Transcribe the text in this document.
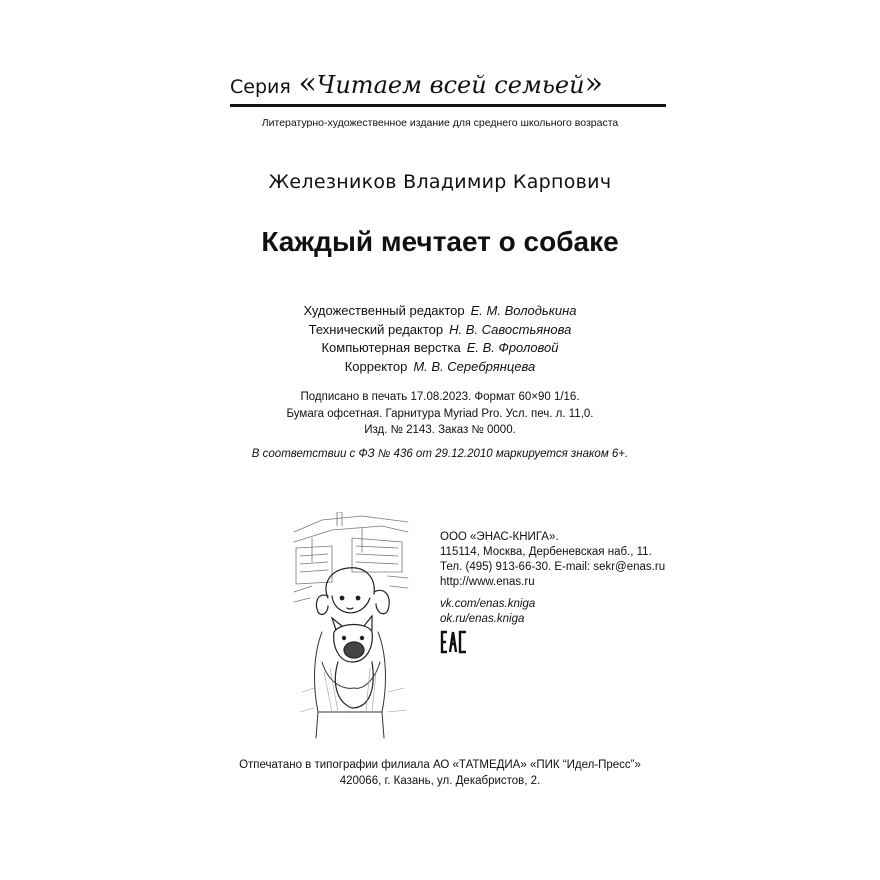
Серия «Читаем всей семьей»
Литературно-художественное издание для среднего школьного возраста
Железников Владимир Карпович
Каждый мечтает о собаке
Художественный редактор Е. М. Володькина
Технический редактор Н. В. Савостьянова
Компьютерная верстка Е. В. Фроловой
Корректор М. В. Серебрянцева
Подписано в печать 17.08.2023. Формат 60×90 1/16.
Бумага офсетная. Гарнитура Myriad Pro. Усл. печ. л. 11,0.
Изд. № 2143. Заказ № 0000.
В соответствии с ФЗ № 436 от 29.12.2010 маркируется знаком 6+.
ООО «ЭНАС-КНИГА».
115114, Москва, Дербеневская наб., 11.
Тел. (495) 913-66-30. E-mail: sekr@enas.ru
http://www.enas.ru
vk.com/enas.kniga
ok.ru/enas.kniga
Отпечатано в типографии филиала АО «ТАТМЕДИА» «ПИК “Идел-Пресс”»
420066, г. Казань, ул. Декабристов, 2.
